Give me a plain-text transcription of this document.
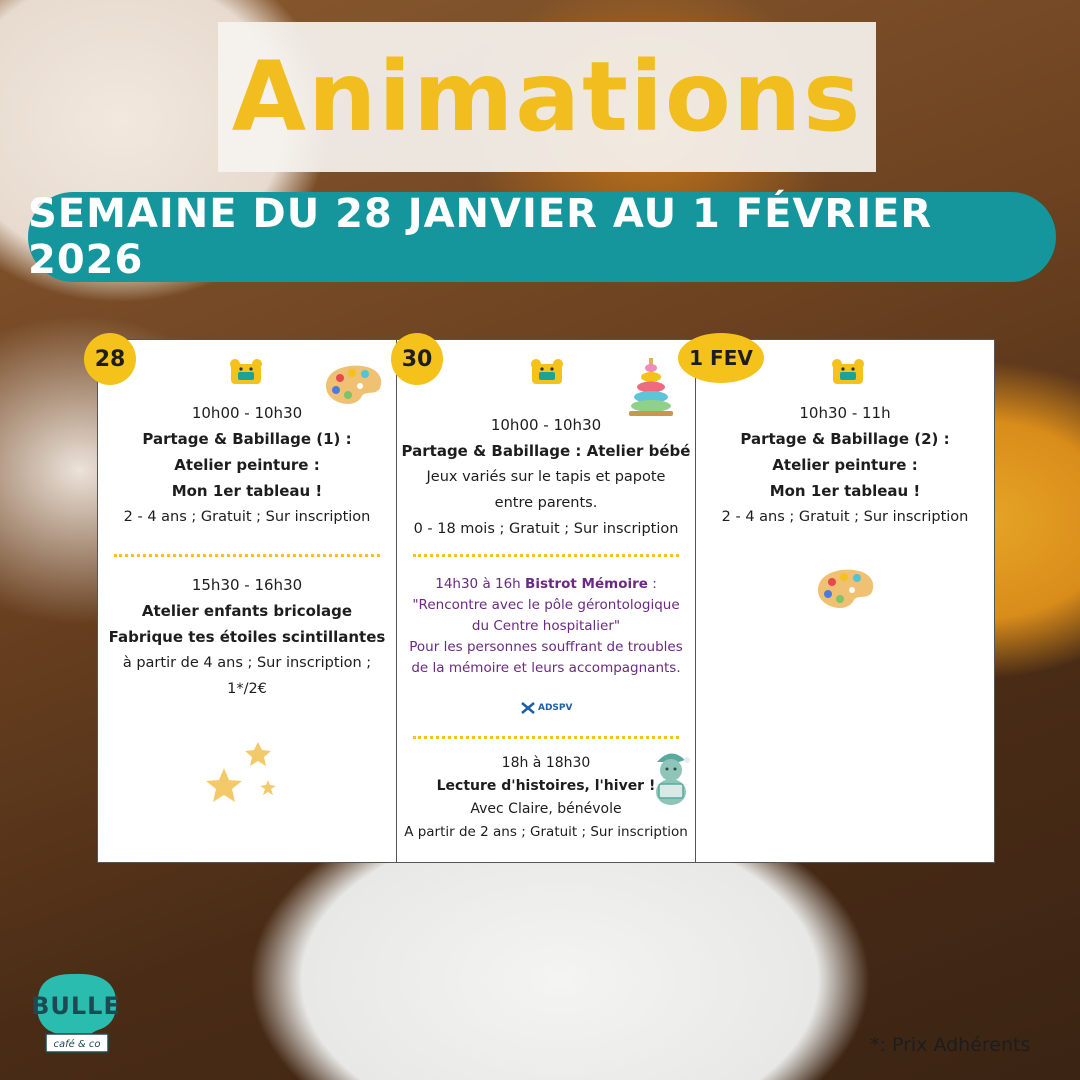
Animations
SEMAINE DU 28 JANVIER AU 1 FÉVRIER 2026
10h00 - 10h30
Partage & Babillage (1) :
Atelier peinture :
Mon 1er tableau !
2 - 4 ans ; Gratuit ; Sur inscription
15h30 - 16h30
Atelier enfants bricolage
Fabrique tes étoiles scintillantes
à partir de 4 ans ; Sur inscription ;
1*/2€
10h00 - 10h30
Partage & Babillage : Atelier bébé
Jeux variés sur le tapis et papote
entre parents.
0 - 18 mois ; Gratuit ; Sur inscription
14h30 à 16h Bistrot Mémoire :
"Rencontre avec le pôle gérontologique
du Centre hospitalier"
Pour les personnes souffrant de troubles
de la mémoire et leurs accompagnants.
ADSPV
18h à 18h30
Lecture d'histoires, l'hiver !
Avec Claire, bénévole
A partir de 2 ans ; Gratuit ; Sur inscription
10h30 - 11h
Partage & Babillage (2) :
Atelier peinture :
Mon 1er tableau !
2 - 4 ans ; Gratuit ; Sur inscription
28	30	1 FEV
BULLE
café & co	*: Prix Adhérents
